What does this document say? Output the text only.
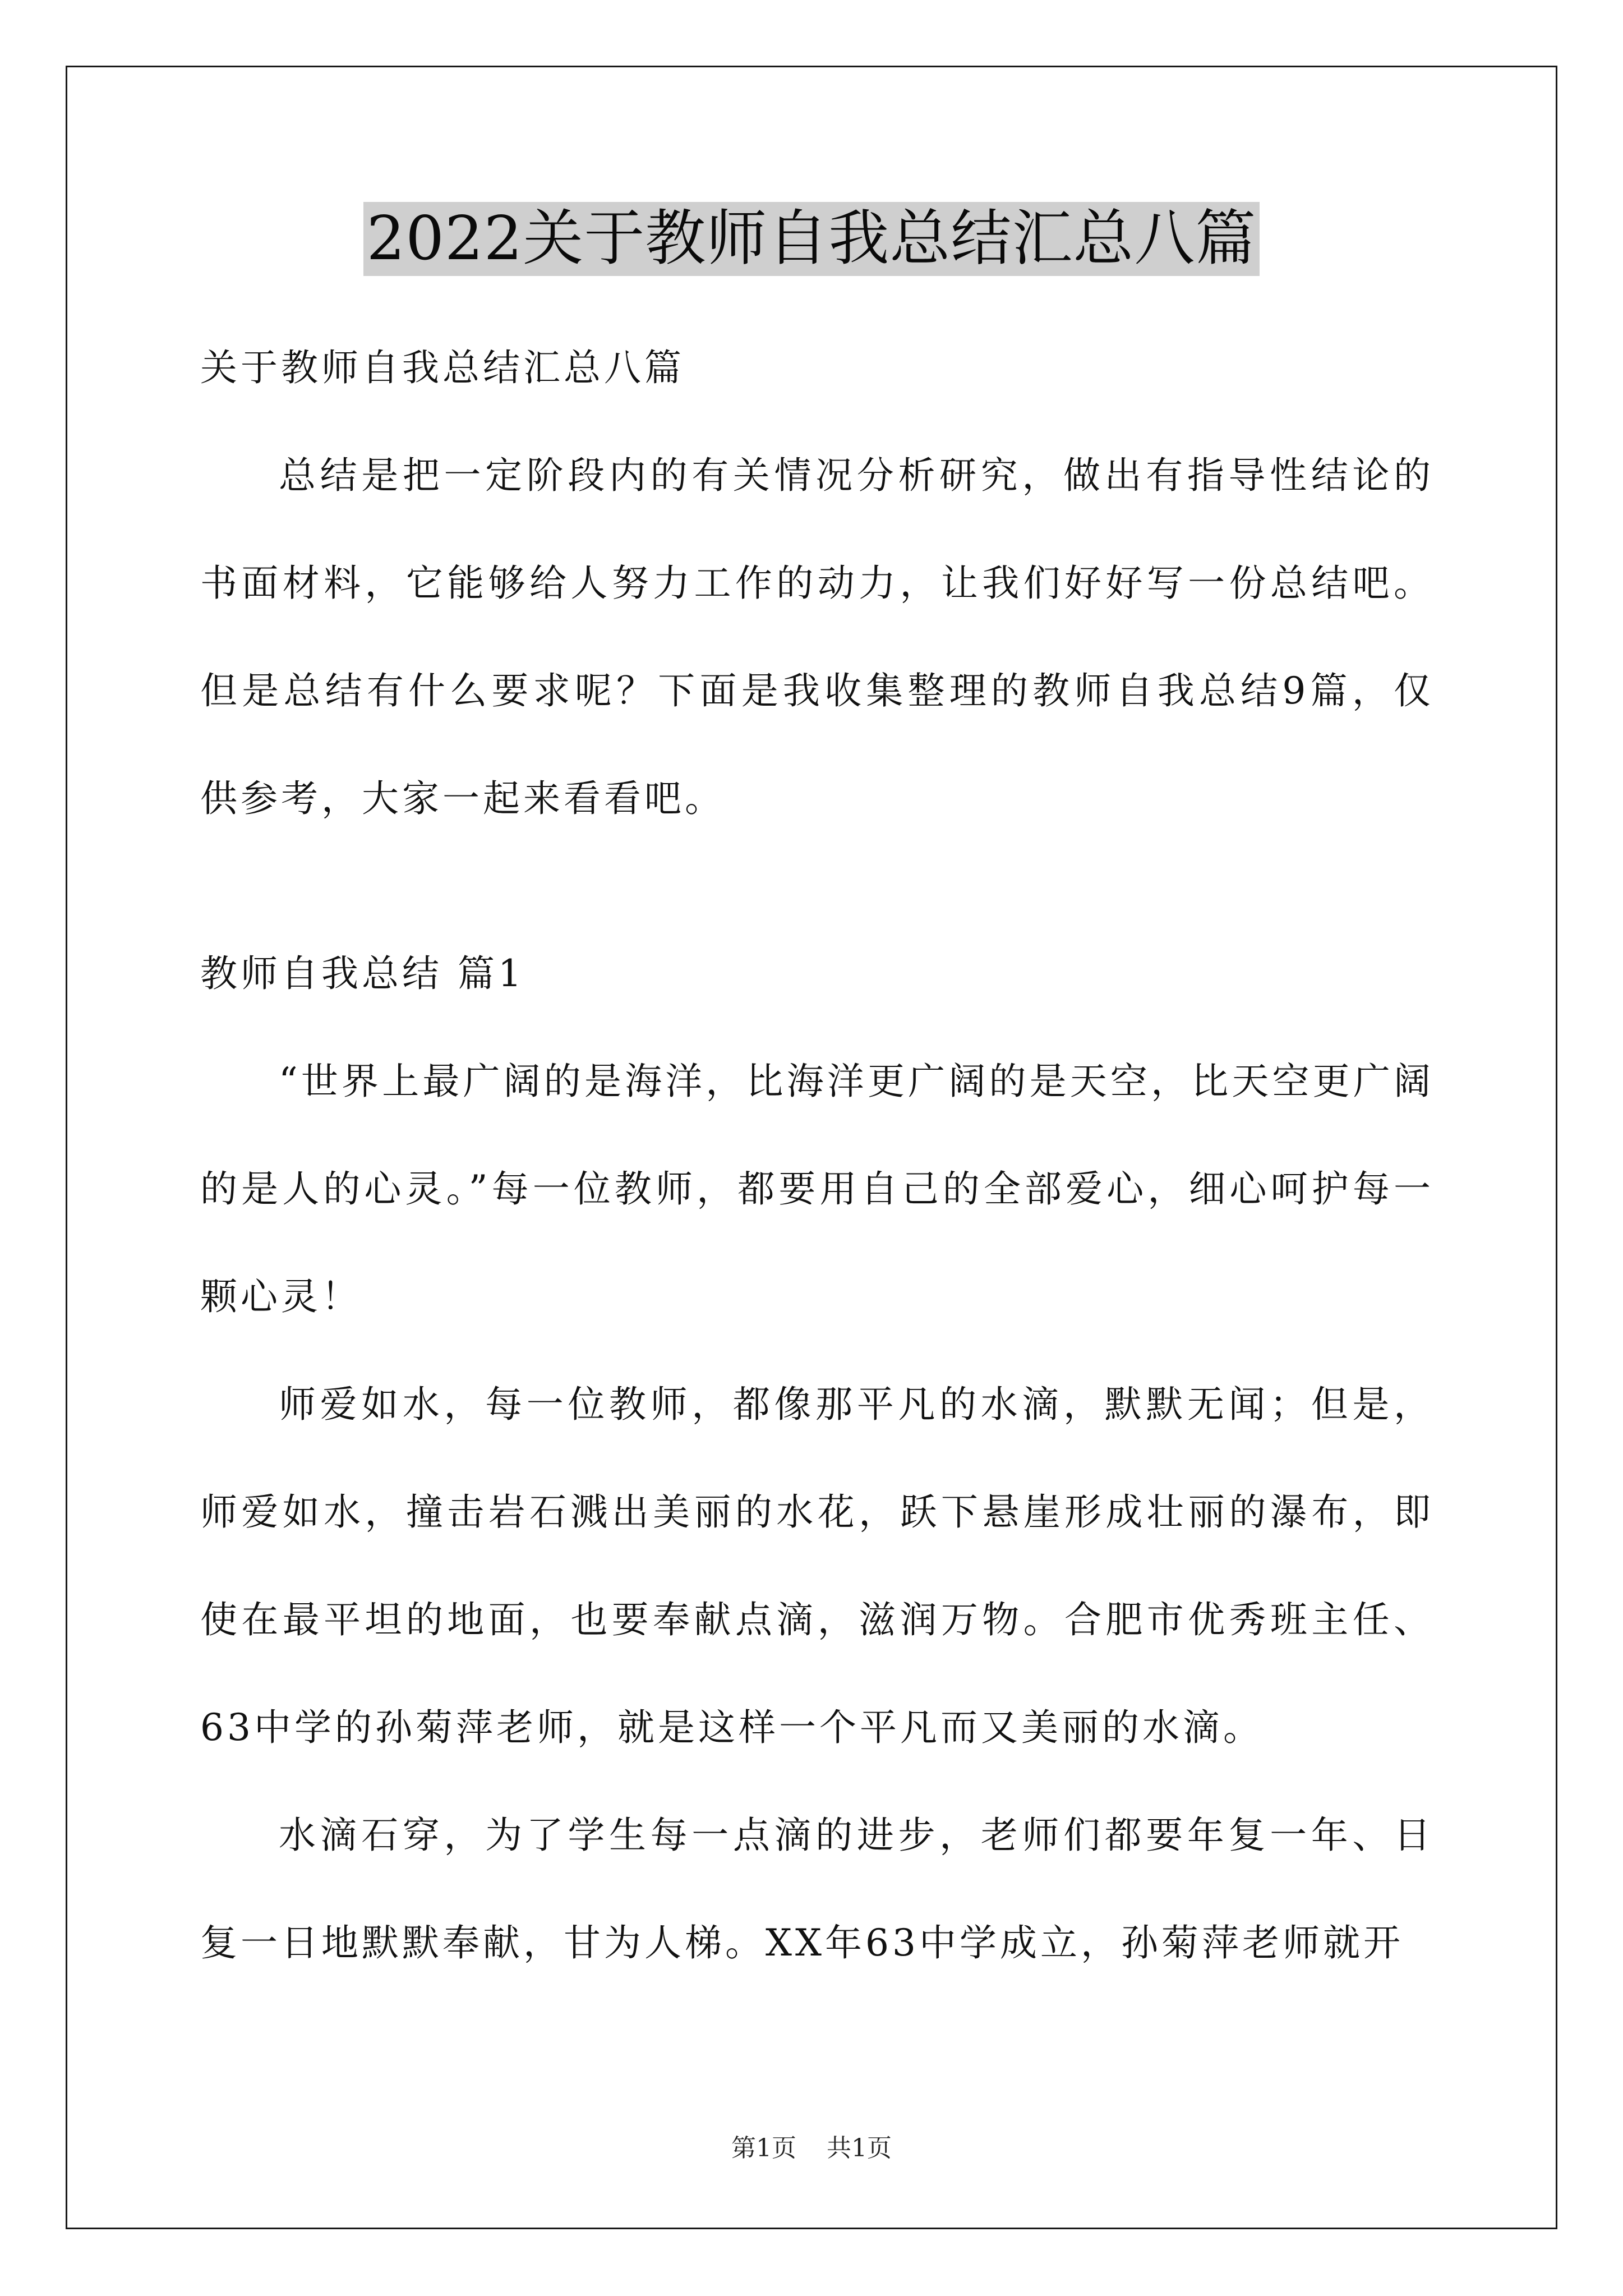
2022关于教师自我总结汇总八篇

关于教师自我总结汇总八篇

总结是把一定阶段内的有关情况分析研究，做出有指导性结论的书面材料，它能够给人努力工作的动力，让我们好好写一份总结吧。但是总结有什么要求呢？下面是我收集整理的教师自我总结9篇，仅供参考，大家一起来看看吧。

教师自我总结 篇1

“世界上最广阔的是海洋，比海洋更广阔的是天空，比天空更广阔的是人的心灵。”每一位教师，都要用自己的全部爱心，细心呵护每一颗心灵！

师爱如水，每一位教师，都像那平凡的水滴，默默无闻；但是，师爱如水，撞击岩石溅出美丽的水花，跃下悬崖形成壮丽的瀑布，即使在最平坦的地面，也要奉献点滴，滋润万物。合肥市优秀班主任、63中学的孙菊萍老师，就是这样一个平凡而又美丽的水滴。

水滴石穿，为了学生每一点滴的进步，老师们都要年复一年、日复一日地默默奉献，甘为人梯。XX年63中学成立，孙菊萍老师就开

第1页 共1页
